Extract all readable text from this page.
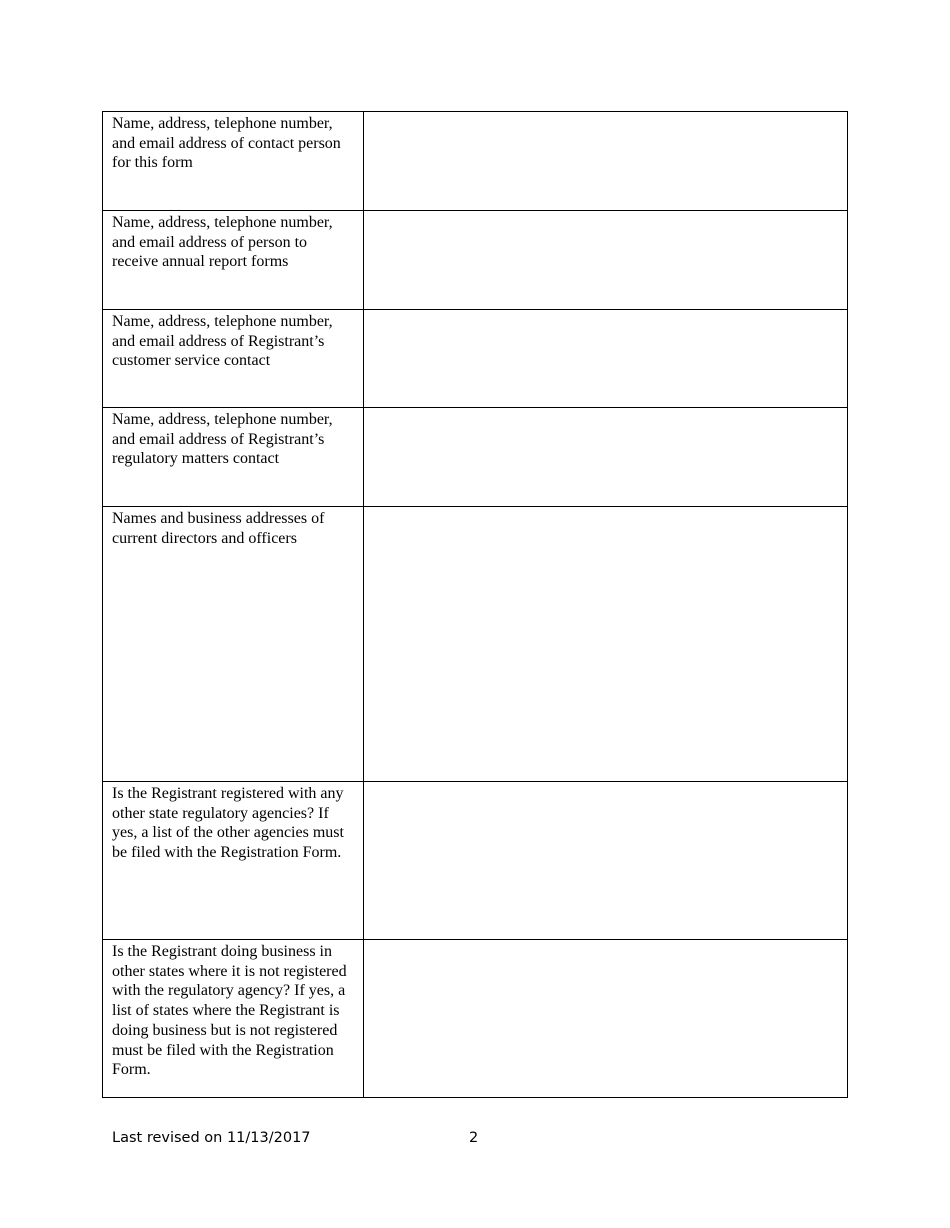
Name, address, telephone number, and email address of contact person for this form	

Name, address, telephone number, and email address of person to receive annual report forms	

Name, address, telephone number, and email address of Registrant’s customer service contact	

Name, address, telephone number, and email address of Registrant’s regulatory matters contact	

Names and business addresses of current directors and officers	

Is the Registrant registered with any other state regulatory agencies? If yes, a list of the other agencies must be filed with the Registration Form.	

Is the Registrant doing business in other states where it is not registered with the regulatory agency? If yes, a list of states where the Registrant is doing business but is not registered must be filed with the Registration Form.	

Last revised on 11/13/2017	2
